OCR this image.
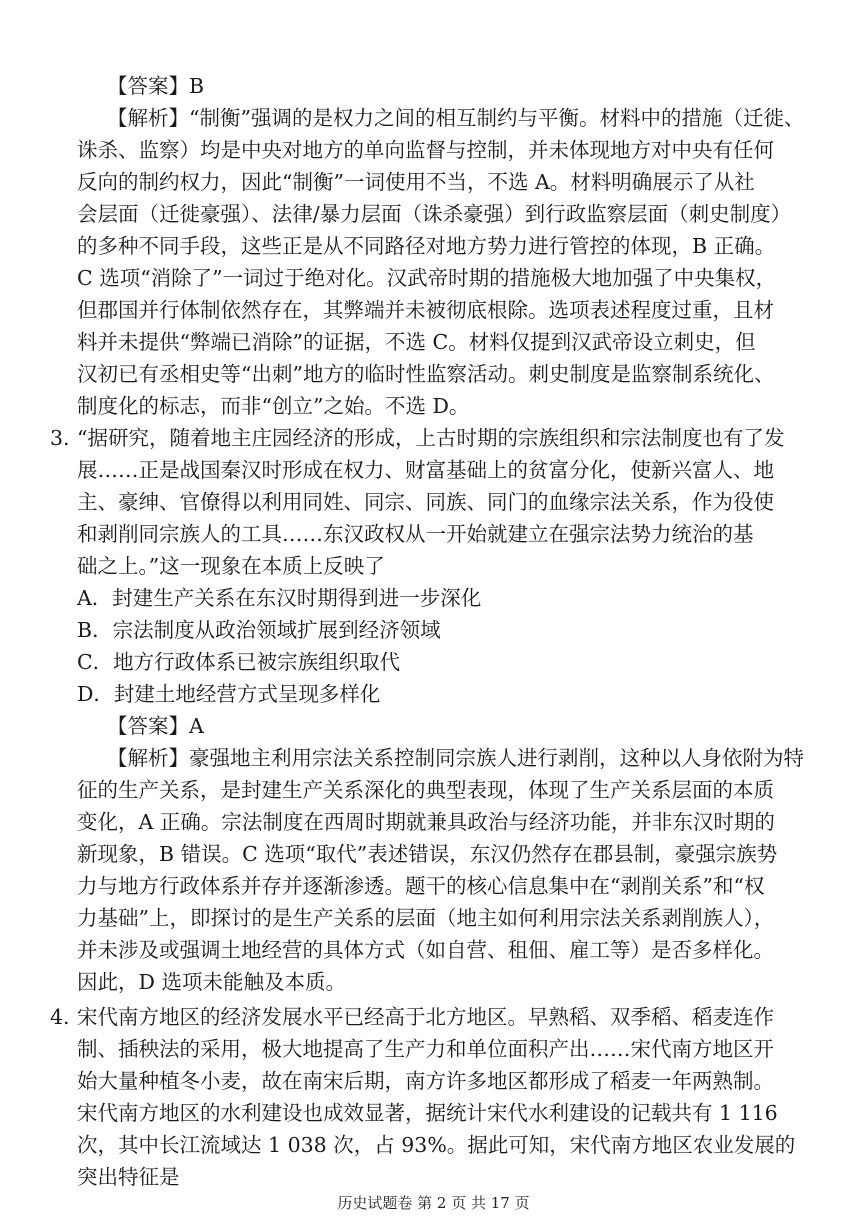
【答案】B
【解析】“制衡”强调的是权力之间的相互制约与平衡。材料中的措施（迁徙、
诛杀、监察）均是中央对地方的单向监督与控制，并未体现地方对中央有任何
反向的制约权力，因此“制衡”一词使用不当，不选 A。材料明确展示了从社
会层面（迁徙豪强）、法律/暴力层面（诛杀豪强）到行政监察层面（刺史制度）
的多种不同手段，这些正是从不同路径对地方势力进行管控的体现，B 正确。
C 选项“消除了”一词过于绝对化。汉武帝时期的措施极大地加强了中央集权，
但郡国并行体制依然存在，其弊端并未被彻底根除。选项表述程度过重，且材
料并未提供“弊端已消除”的证据，不选 C。材料仅提到汉武帝设立刺史，但
汉初已有丞相史等“出刺”地方的临时性监察活动。刺史制度是监察制系统化、
制度化的标志，而非“创立”之始。不选 D。
3. “据研究，随着地主庄园经济的形成，上古时期的宗族组织和宗法制度也有了发
展……正是战国秦汉时形成在权力、财富基础上的贫富分化，使新兴富人、地
主、豪绅、官僚得以利用同姓、同宗、同族、同门的血缘宗法关系，作为役使
和剥削同宗族人的工具……东汉政权从一开始就建立在强宗法势力统治的基
础之上。”这一现象在本质上反映了
A．封建生产关系在东汉时期得到进一步深化
B．宗法制度从政治领域扩展到经济领域
C．地方行政体系已被宗族组织取代
D．封建土地经营方式呈现多样化
【答案】A
【解析】豪强地主利用宗法关系控制同宗族人进行剥削，这种以人身依附为特
征的生产关系，是封建生产关系深化的典型表现，体现了生产关系层面的本质
变化，A 正确。宗法制度在西周时期就兼具政治与经济功能，并非东汉时期的
新现象，B 错误。C 选项“取代”表述错误，东汉仍然存在郡县制，豪强宗族势
力与地方行政体系并存并逐渐渗透。题干的核心信息集中在“剥削关系”和“权
力基础”上，即探讨的是生产关系的层面（地主如何利用宗法关系剥削族人），
并未涉及或强调土地经营的具体方式（如自营、租佃、雇工等）是否多样化。
因此，D 选项未能触及本质。
4. 宋代南方地区的经济发展水平已经高于北方地区。早熟稻、双季稻、稻麦连作
制、插秧法的采用，极大地提高了生产力和单位面积产出……宋代南方地区开
始大量种植冬小麦，故在南宋后期，南方许多地区都形成了稻麦一年两熟制。
宋代南方地区的水利建设也成效显著，据统计宋代水利建设的记载共有 1 116
次，其中长江流域达 1 038 次，占 93%。据此可知，宋代南方地区农业发展的
突出特征是
历史试题卷 第 2 页 共 17 页
